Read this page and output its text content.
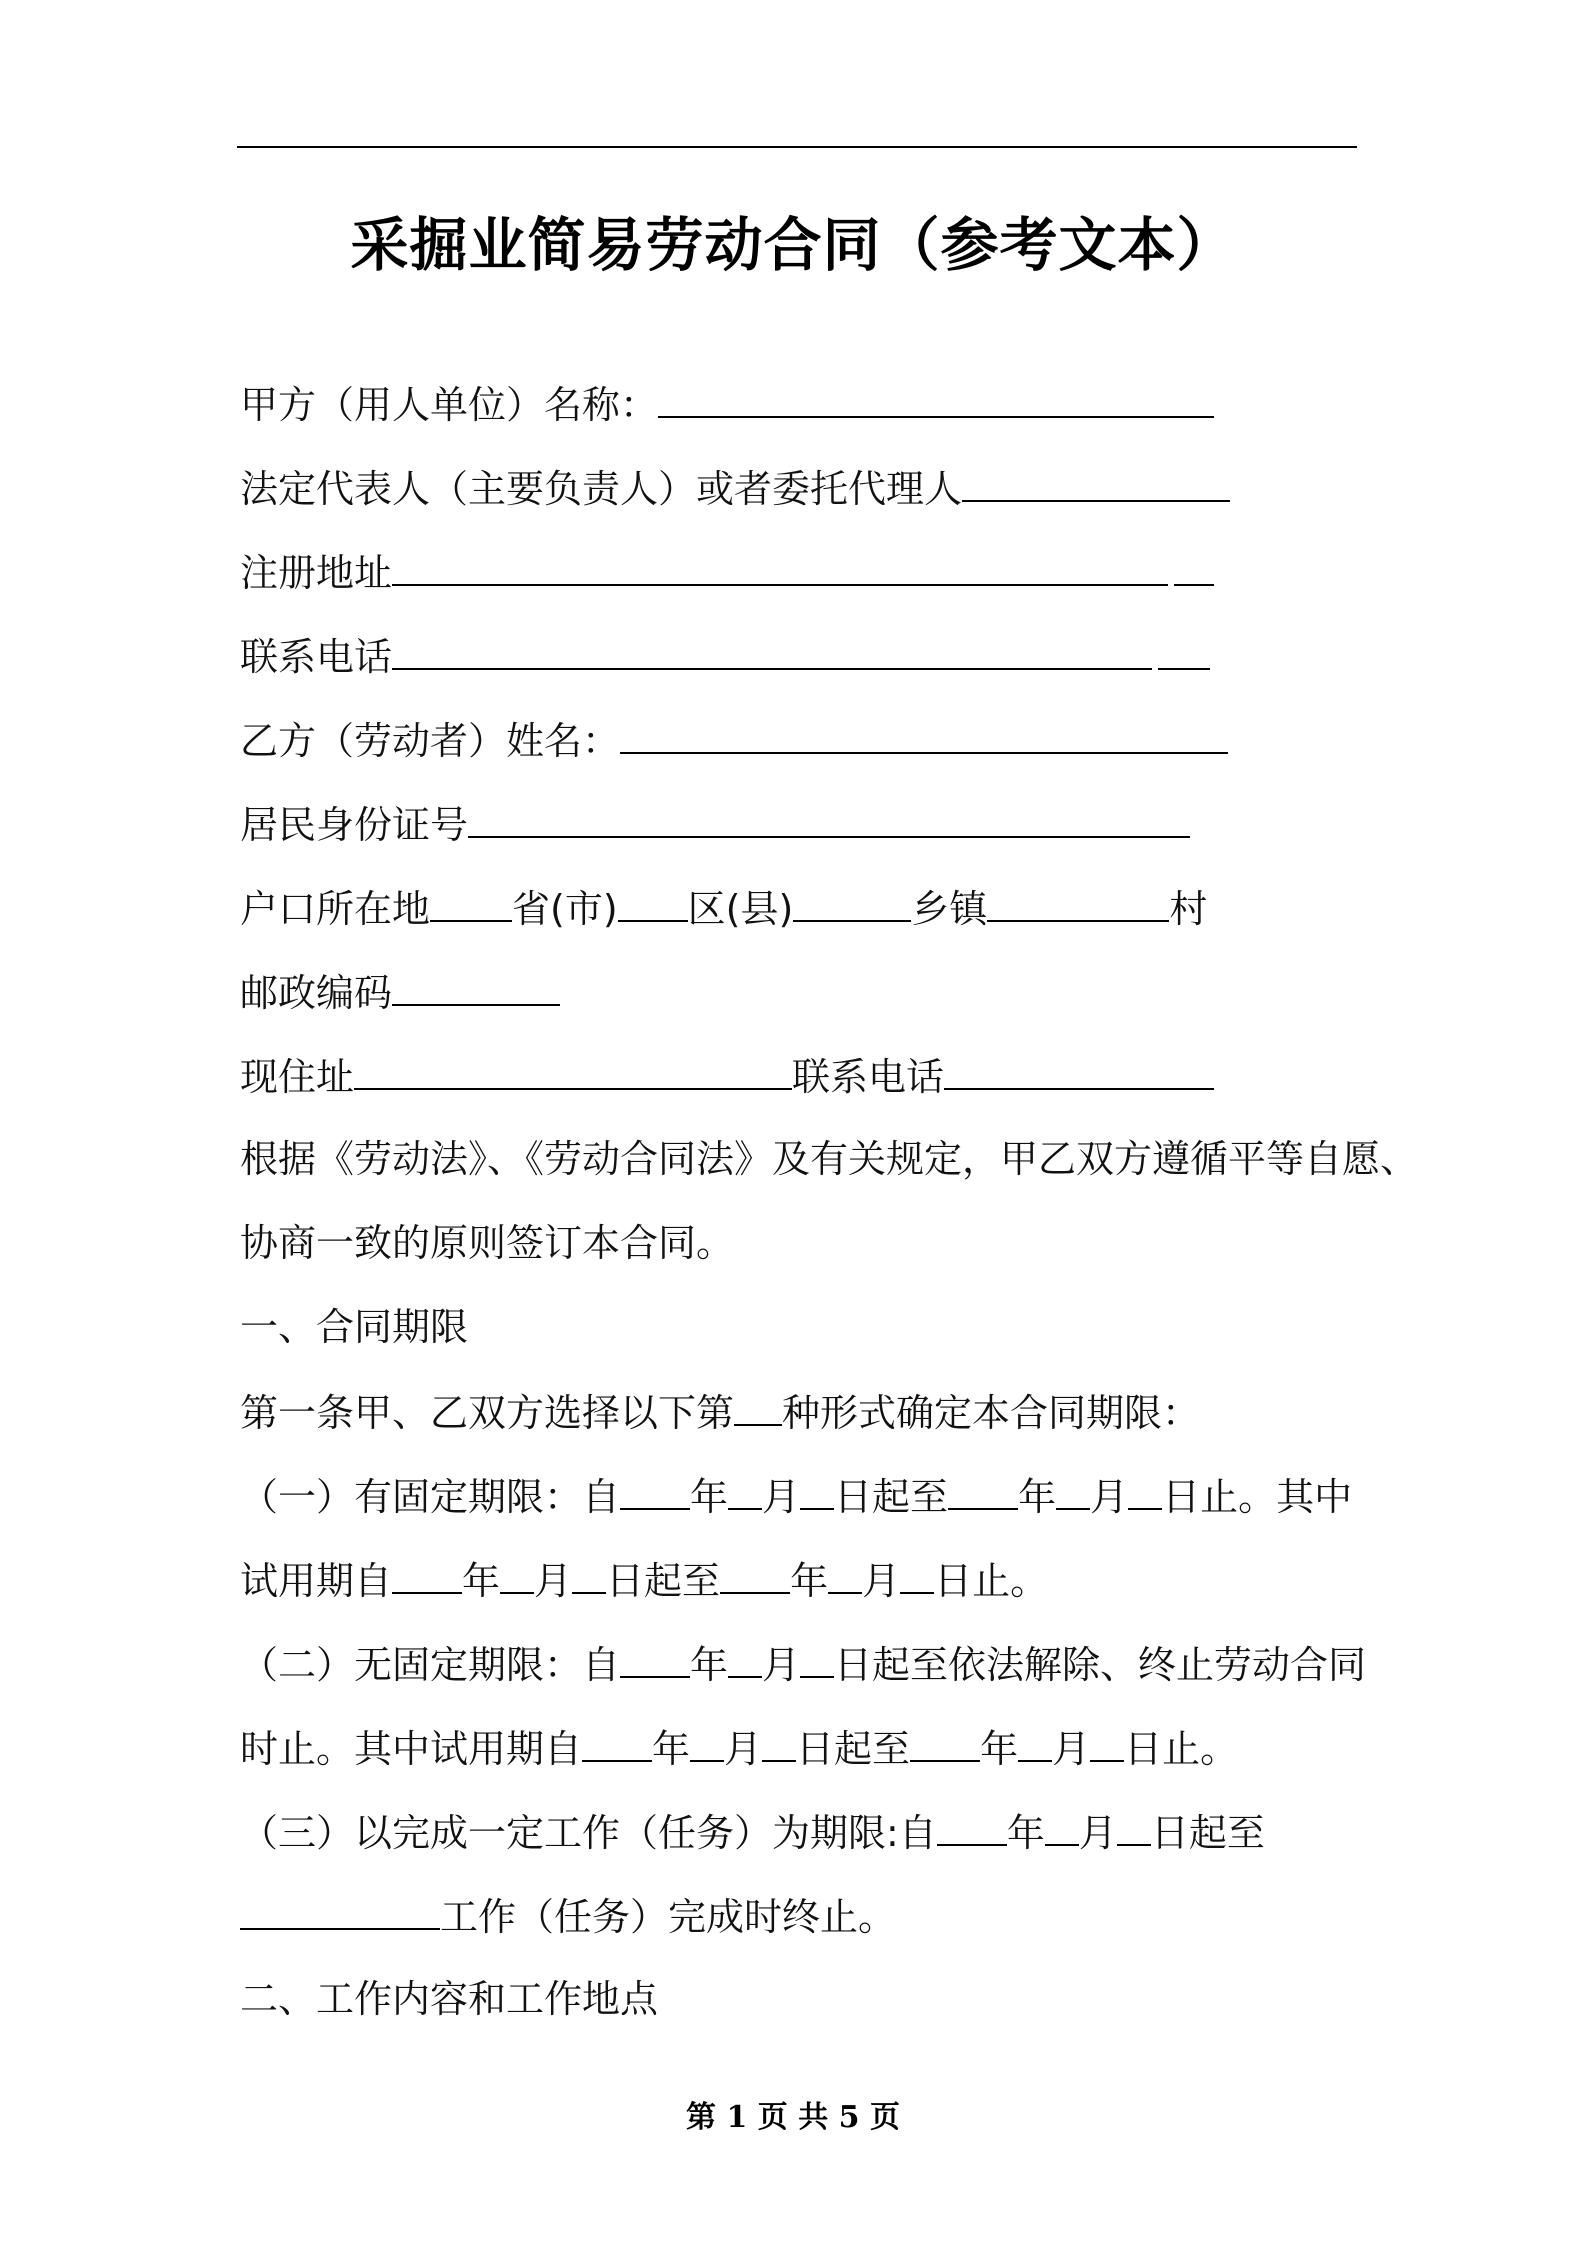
采掘业简易劳动合同（参考文本）
甲方（用人单位）名称：
法定代表人（主要负责人）或者委托代理人
注册地址
联系电话
乙方（劳动者）姓名：
居民身份证号
户口所在地 省(市) 区(县)	乡镇	村
邮政编码
现住址	联系电话
根据《劳动法》、《劳动合同法》及有关规定，甲乙双方遵循平等自愿、
协商一致的原则签订本合同。
一、合同期限
第一条甲、乙双方选择以下第 种形式确定本合同期限：
（一）有固定期限：自 年 月 日起至 年 月 日止。其中
试用期自 年 月 日起至 年 月 日止。
（二）无固定期限：自 年 月 日起至依法解除、终止劳动合同
时止。其中试用期自 年 月 日起至 年 月 日止。
（三）以完成一定工作（任务）为期限:自 年 月 日起至
工作（任务）完成时终止。
二、工作内容和工作地点
第 1 页 共 5 页
